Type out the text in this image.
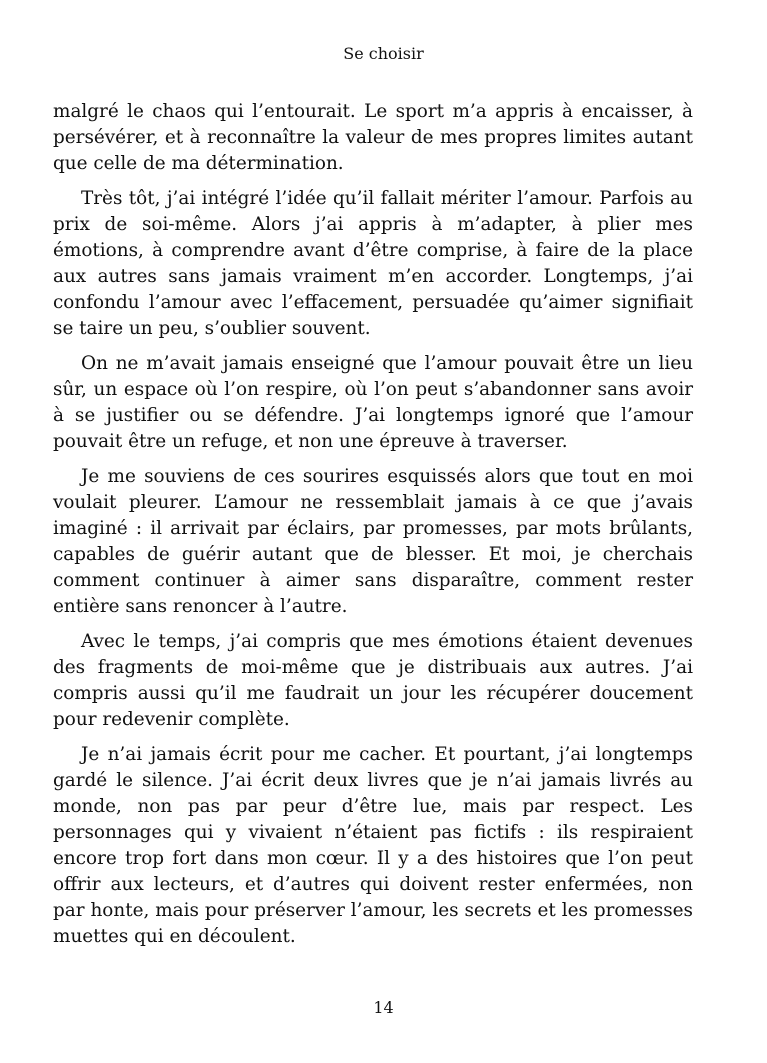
Se choisir

malgré le chaos qui l’entourait. Le sport m’a appris à encaisser, à persévérer, et à reconnaître la valeur de mes propres limites autant que celle de ma détermination.

Très tôt, j’ai intégré l’idée qu’il fallait mériter l’amour. Parfois au prix de soi-même. Alors j’ai appris à m’adapter, à plier mes émotions, à comprendre avant d’être comprise, à faire de la place aux autres sans jamais vraiment m’en accorder. Longtemps, j’ai confondu l’amour avec l’effacement, persuadée qu’aimer signifiait se taire un peu, s’oublier souvent.

On ne m’avait jamais enseigné que l’amour pouvait être un lieu sûr, un espace où l’on respire, où l’on peut s’abandonner sans avoir à se justifier ou se défendre. J’ai longtemps ignoré que l’amour pouvait être un refuge, et non une épreuve à traverser.

Je me souviens de ces sourires esquissés alors que tout en moi voulait pleurer. L’amour ne ressemblait jamais à ce que j’avais imaginé : il arrivait par éclairs, par promesses, par mots brûlants, capables de guérir autant que de blesser. Et moi, je cherchais comment continuer à aimer sans disparaître, comment rester entière sans renoncer à l’autre.

Avec le temps, j’ai compris que mes émotions étaient devenues des fragments de moi-même que je distribuais aux autres. J’ai compris aussi qu’il me faudrait un jour les récupérer doucement pour redevenir complète.

Je n’ai jamais écrit pour me cacher. Et pourtant, j’ai longtemps gardé le silence. J’ai écrit deux livres que je n’ai jamais livrés au monde, non pas par peur d’être lue, mais par respect. Les personnages qui y vivaient n’étaient pas fictifs : ils respiraient encore trop fort dans mon cœur. Il y a des histoires que l’on peut offrir aux lecteurs, et d’autres qui doivent rester enfermées, non par honte, mais pour préserver l’amour, les secrets et les promesses muettes qui en découlent.

14
